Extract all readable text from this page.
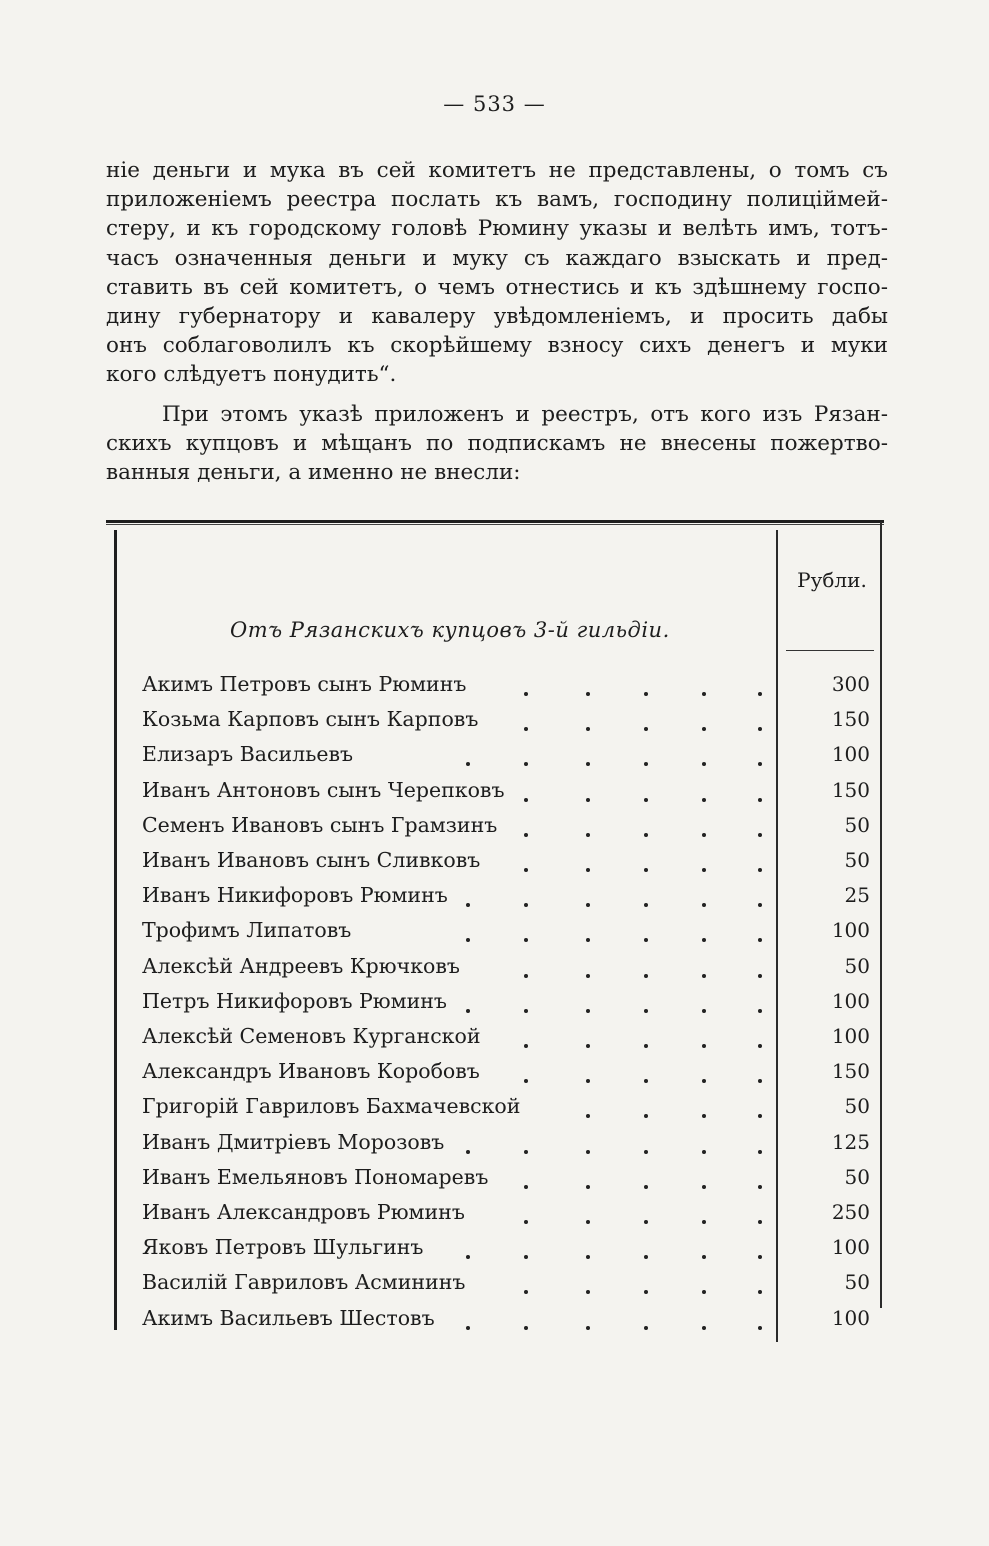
— 533 —
ніе деньги и мука въ сей комитетъ не представлены, о томъ съ
приложеніемъ реестра послать къ вамъ, господину полиціймей-
стеру, и къ городскому головѣ Рюмину указы и велѣть имъ, тотъ-
часъ означенныя деньги и муку съ каждаго взыскать и пред-
ставить въ сей комитетъ, о чемъ отнестись и къ здѣшнему госпо-
дину губернатору и кавалеру увѣдомленіемъ, и просить дабы
онъ соблаговолилъ къ скорѣйшему взносу сихъ денегъ и муки
кого слѣдуетъ понудить“.
При этомъ указѣ приложенъ и реестръ, отъ кого изъ Рязан-
скихъ купцовъ и мѣщанъ по подпискамъ не внесены пожертво-
ванныя деньги, а именно не внесли:
Рубли.
Отъ Рязанскихъ купцовъ 3-й гильдіи.
Акимъ Петровъ сынъ Рюминъ	300
Козьма Карповъ сынъ Карповъ	150
Елизаръ Васильевъ	100
Иванъ Антоновъ сынъ Черепковъ	150
Семенъ Ивановъ сынъ Грамзинъ	50
Иванъ Ивановъ сынъ Сливковъ	50
Иванъ Никифоровъ Рюминъ	25
Трофимъ Липатовъ	100
Алексѣй Андреевъ Крючковъ	50
Петръ Никифоровъ Рюминъ	100
Алексѣй Семеновъ Курганской	100
Александръ Ивановъ Коробовъ	150
Григорій Гавриловъ Бахмачевской	50
Иванъ Дмитріевъ Морозовъ	125
Иванъ Емельяновъ Пономаревъ	50
Иванъ Александровъ Рюминъ	250
Яковъ Петровъ Шульгинъ	100
Василій Гавриловъ Асмининъ	50
Акимъ Васильевъ Шестовъ	100
